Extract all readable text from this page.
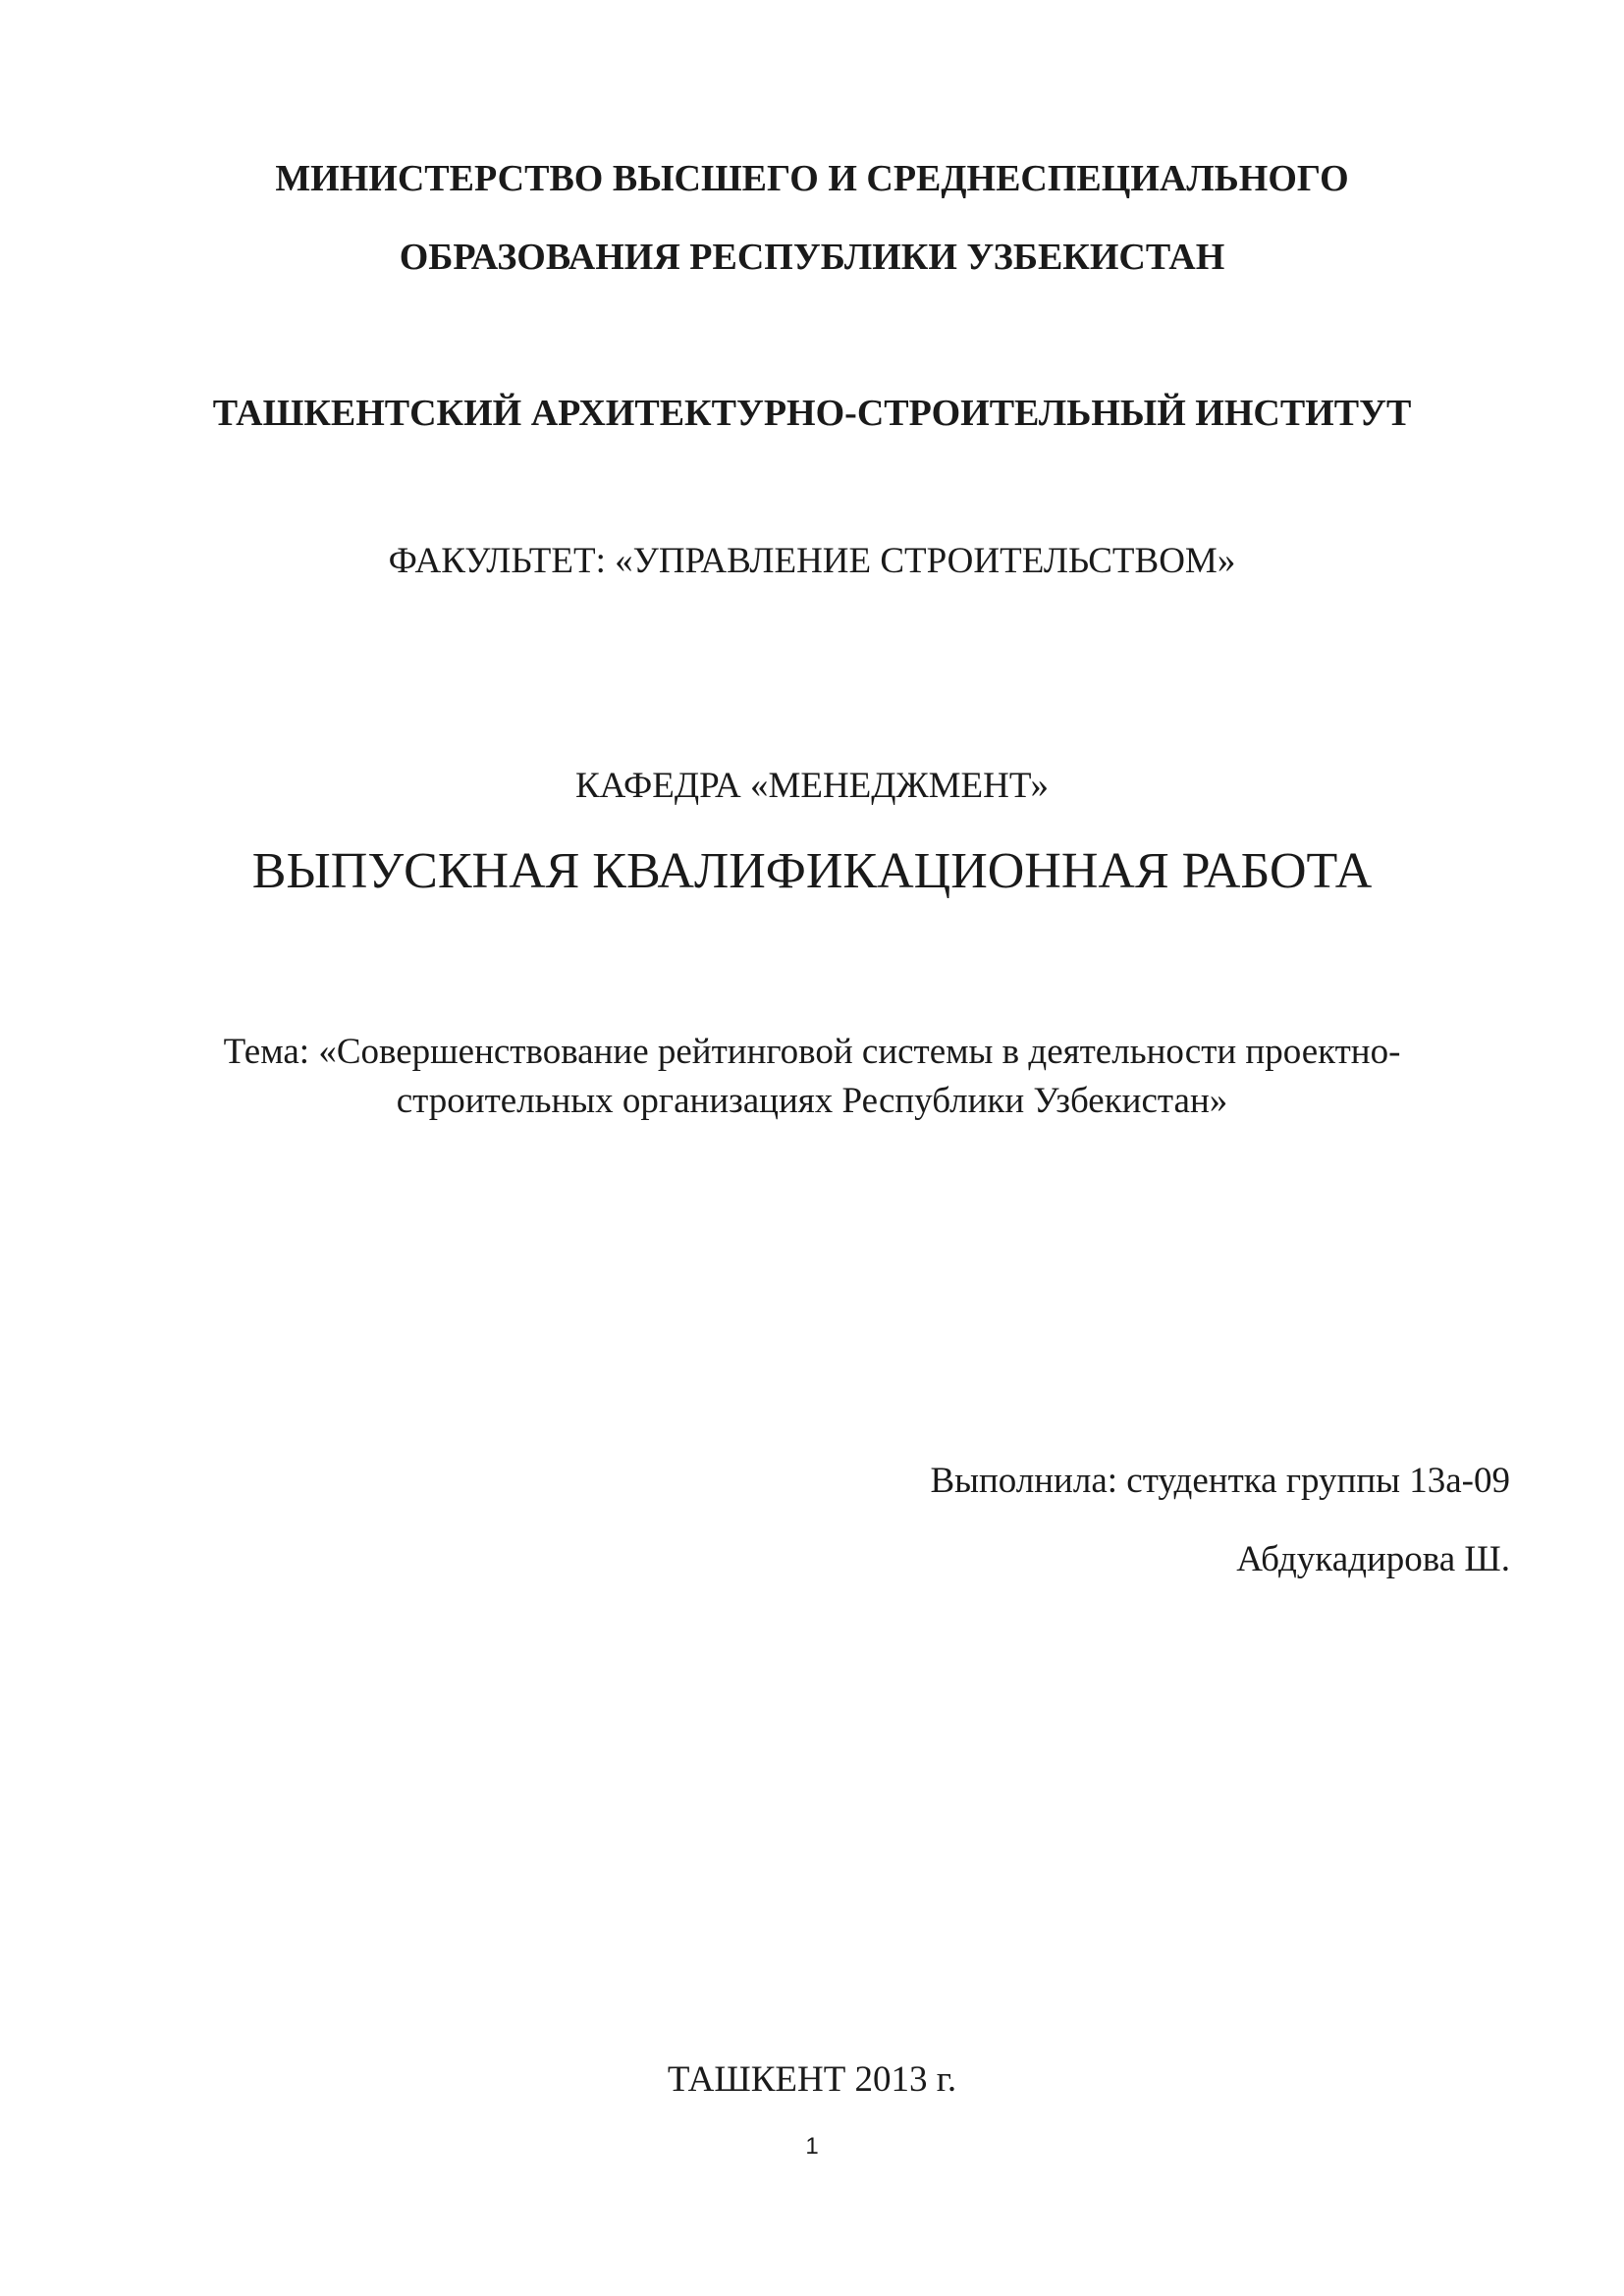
МИНИСТЕРСТВО ВЫСШЕГО И СРЕДНЕСПЕЦИАЛЬНОГО
ОБРАЗОВАНИЯ РЕСПУБЛИКИ УЗБЕКИСТАН
ТАШКЕНТСКИЙ АРХИТЕКТУРНО-СТРОИТЕЛЬНЫЙ ИНСТИТУТ
ФАКУЛЬТЕТ: «УПРАВЛЕНИЕ СТРОИТЕЛЬСТВОМ»
КАФЕДРА «МЕНЕДЖМЕНТ»
ВЫПУСКНАЯ КВАЛИФИКАЦИОННАЯ РАБОТА
Тема: «Совершенствование рейтинговой системы в деятельности проектно-
строительных организациях Республики Узбекистан»
Выполнила: студентка группы 13а-09
Абдукадирова Ш.
ТАШКЕНТ 2013 г.
1
